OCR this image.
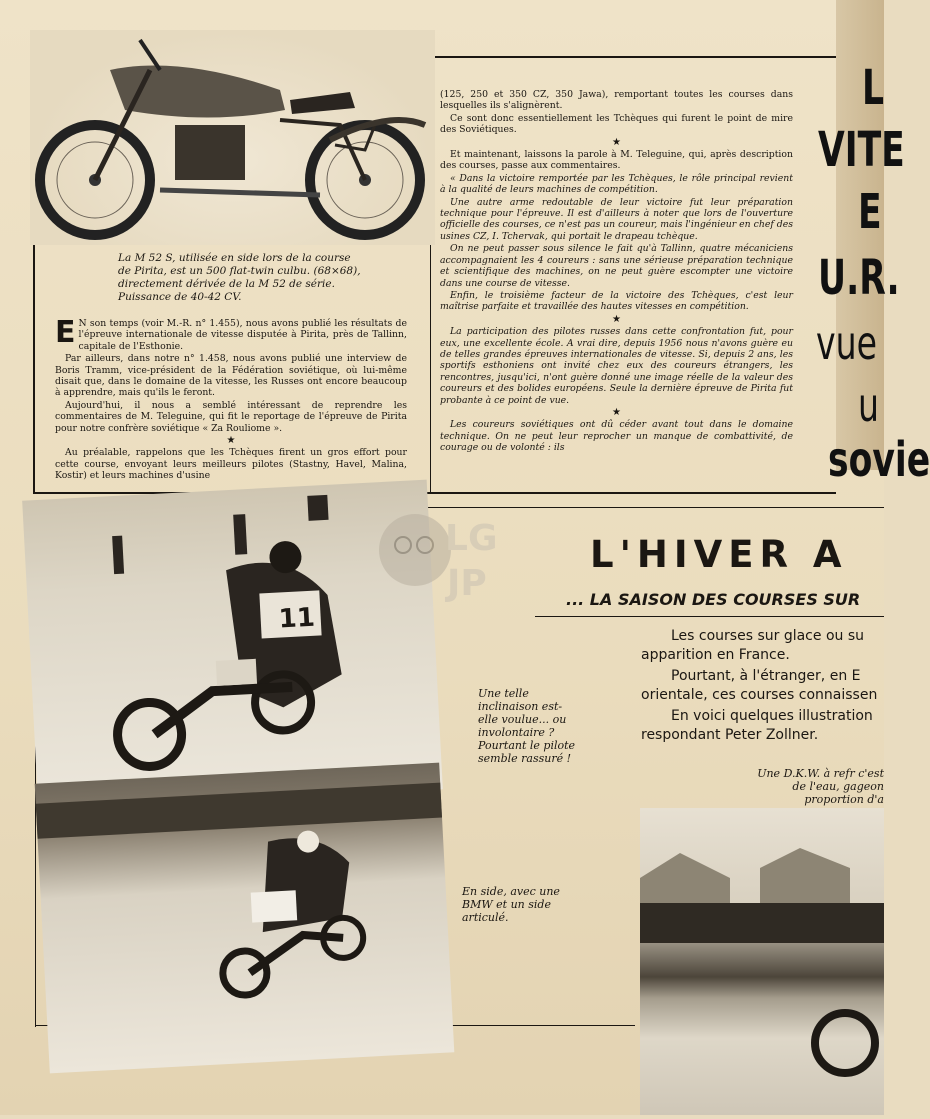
La M 52 S, utilisée en side lors de la course de Pirita, est un 500 flat-twin culbu. (68×68), directement dérivée de la M 52 de série. Puissance de 40-42 CV.

E N son temps (voir M.-R. n° 1.455), nous avons publié les résultats de l'épreuve internationale de vitesse disputée à Pirita, près de Tallinn, capitale de l'Esthonie.

Par ailleurs, dans notre n° 1.458, nous avons publié une interview de Boris Tramm, vice-président de la Fédération soviétique, où lui-même disait que, dans le domaine de la vitesse, les Russes ont encore beaucoup à apprendre, mais qu'ils le feront.

Aujourd'hui, il nous a semblé intéressant de reprendre les commentaires de M. Teleguine, qui fit le reportage de l'épreuve de Pirita pour notre confrère soviétique « Za Rouliome ».

★

Au préalable, rappelons que les Tchèques firent un gros effort pour cette course, envoyant leurs meilleurs pilotes (Stastny, Havel, Malina, Kostir) et leurs machines d'usine

(125, 250 et 350 CZ, 350 Jawa), remportant toutes les courses dans lesquelles ils s'alignèrent.

Ce sont donc essentiellement les Tchèques qui furent le point de mire des Soviétiques.

★

Et maintenant, laissons la parole à M. Teleguine, qui, après description des courses, passe aux commentaires.

« Dans la victoire remportée par les Tchèques, le rôle principal revient à la qualité de leurs machines de compétition.

Une autre arme redoutable de leur victoire fut leur préparation technique pour l'épreuve. Il est d'ailleurs à noter que lors de l'ouverture officielle des courses, ce n'est pas un coureur, mais l'ingénieur en chef des usines CZ, I. Tchervak, qui portait le drapeau tchèque.

On ne peut passer sous silence le fait qu'à Tallinn, quatre mécaniciens accompagnaient les 4 coureurs : sans une sérieuse préparation technique et scientifique des machines, on ne peut guère escompter une victoire dans une course de vitesse.

Enfin, le troisième facteur de la victoire des Tchèques, c'est leur maîtrise parfaite et travaillée des hautes vitesses en compétition.

★

La participation des pilotes russes dans cette confrontation fut, pour eux, une excellente école. A vrai dire, depuis 1956 nous n'avons guère eu de telles grandes épreuves internationales de vitesse. Si, depuis 2 ans, les sportifs esthoniens ont invité chez eux des coureurs étrangers, les rencontres, jusqu'ici, n'ont guère donné une image réelle de la valeur des coureurs et des bolides européens. Seule la dernière épreuve de Pirita fut probante à ce point de vue.

★

Les coureurs soviétiques ont dû céder avant tout dans le domaine technique. On ne peut leur reprocher un manque de combattivité, de courage ou de volonté : ils

L
VITE
E
U.R.
vue
u
sovie
11
LG
JP
L'HIVER A
... LA SAISON DES COURSES SUR

Les courses sur glace ou su apparition en France.

Pourtant, à l'étranger, en E orientale, ces courses connaissen

En voici quelques illustration respondant Peter Zollner.

Une telle inclinaison est-elle voulue... ou involontaire ? Pourtant le pilote semble rassuré !
En side, avec une BMW et un side articulé.
Une D.K.W. à refr c'est de l'eau, gageon proportion d'a
